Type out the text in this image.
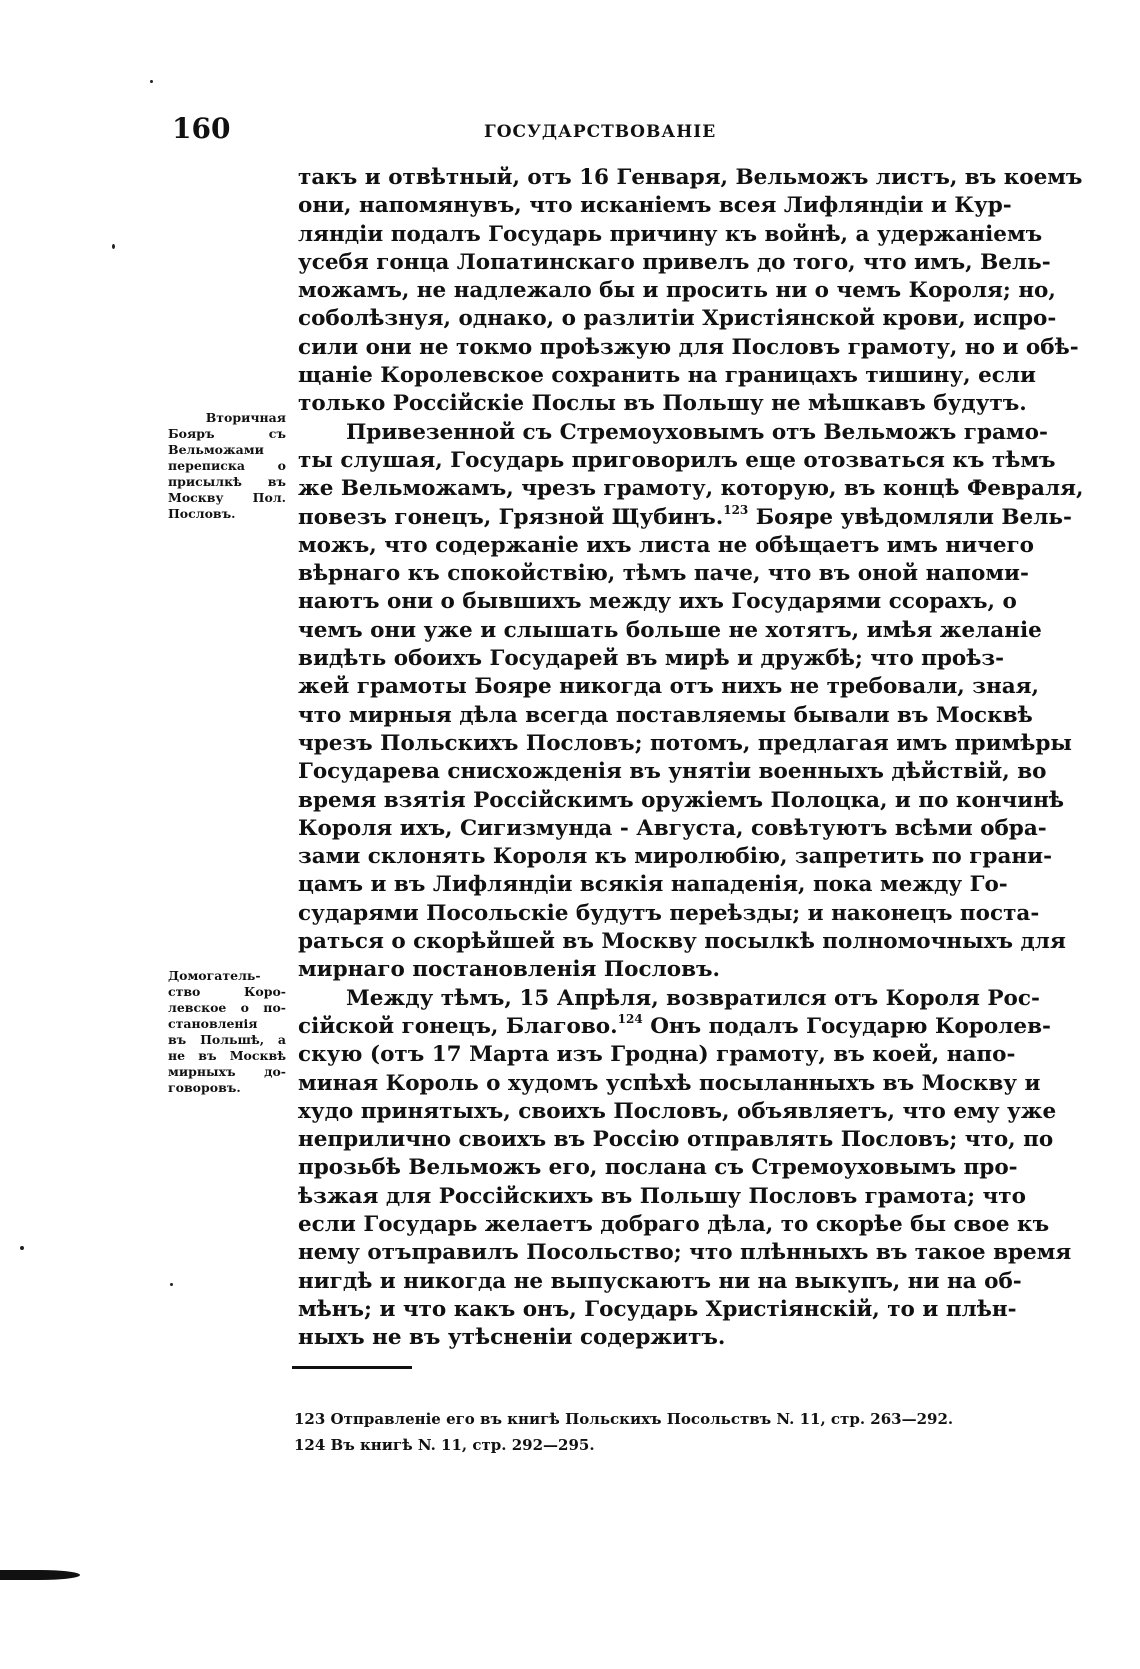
160	ГОСУДАРСТВОВАНІЕ

такъ и отвѣтный, отъ 16 Генваря, Вельможъ листъ, въ коемъ
они, напомянувъ, что исканіемъ всея Лифляндіи и Кур-
ляндіи подалъ Государь причину къ войнѣ, а удержаніемъ
усебя гонца Лопатинскаго привелъ до того, что имъ, Вель-
можамъ, не надлежало бы и просить ни о чемъ Короля; но,
соболѣзнуя, однако, о разлитіи Христіянской крови, испро-
сили они не токмо проѣзжую для Пословъ грамоту, но и обѣ-
щаніе Королевское сохранить на границахъ тишину, если
только Россійскіе Послы въ Польшу не мѣшкавъ будутъ.

Привезенной съ Стремоуховымъ отъ Вельможъ грамо-
ты слушая, Государь приговорилъ еще отозваться къ тѣмъ
же Вельможамъ, чрезъ грамоту, которую, въ концѣ Февраля,
повезъ гонецъ, Грязной Щубинъ.$^{123}$ Бояре увѣдомляли Вель-
можъ, что содержаніе ихъ листа не обѣщаетъ имъ ничего
вѣрнаго къ спокойствію, тѣмъ паче, что въ оной напоми-
наютъ они о бывшихъ между ихъ Государями ссорахъ, о
чемъ они уже и слышать больше не хотятъ, имѣя желаніе
видѣть обоихъ Государей въ мирѣ и дружбѣ; что проѣз-
жей грамоты Бояре никогда отъ нихъ не требовали, зная,
что мирныя дѣла всегда поставляемы бывали въ Москвѣ
чрезъ Польскихъ Пословъ; потомъ, предлагая имъ примѣры
Государева снисхожденія въ унятіи военныхъ дѣйствій, во
время взятія Россійскимъ оружіемъ Полоцка, и по кончинѣ
Короля ихъ, Сигизмунда - Августа, совѣтуютъ всѣми обра-
зами склонять Короля къ миролюбію, запретить по грани-
цамъ и въ Лифляндіи всякія нападенія, пока между Го-
сударями Посольскіе будутъ переѣзды; и наконецъ поста-
раться о скорѣйшей въ Москву посылкѣ полномочныхъ для
мирнаго постановленія Пословъ.

Между тѣмъ, 15 Апрѣля, возвратился отъ Короля Рос-
сійской гонецъ, Благово.$^{124}$ Онъ подалъ Государю Королев-
скую (отъ 17 Марта изъ Гродна) грамоту, въ коей, напо-
миная Король о худомъ успѣхѣ посыланныхъ въ Москву и
худо принятыхъ, своихъ Пословъ, объявляетъ, что ему уже
неприлично своихъ въ Россію отправлять Пословъ; что, по
прозьбѣ Вельможъ его, послана съ Стремоуховымъ про-
ѣзжая для Россійскихъ въ Польшу Пословъ грамота; что
если Государь желаетъ добраго дѣла, то скорѣе бы свое къ
нему отъправилъ Посольство; что плѣнныхъ въ такое время
нигдѣ и никогда не выпускаютъ ни на выкупъ, ни на об-
мѣнъ; и что какъ онъ, Государь Христіянскій, то и плѣн-
ныхъ не въ утѣсненіи содержитъ.

Вторичная
Бояръ съ
Вельможами
переписка о
присылкѣ въ
Москву Пол.
Пословъ.
Домогатель-
ство Коро-
левское о по-
становленія
въ Польшѣ, а
не въ Москвѣ
мирныхъ до-
говоровъ.
123 Отправленіе его въ книгѣ Польскихъ Посольствъ N. 11, стр. 263—292.
124 Въ книгѣ N. 11, стр. 292—295.
